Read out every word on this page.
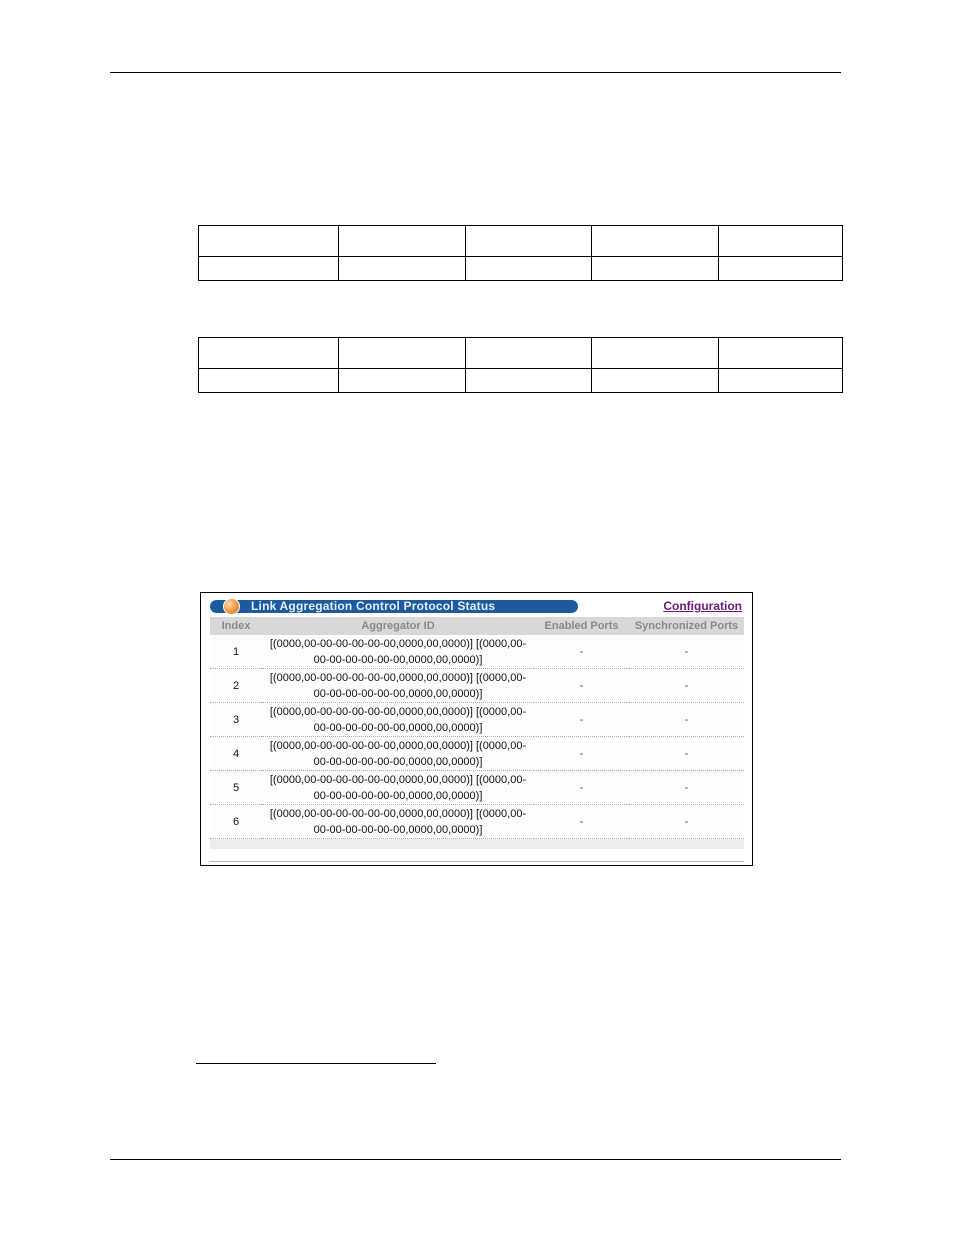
Link Aggregation Control Protocol Status	Configuration
Index	Aggregator ID	Enabled Ports	Synchronized Ports
1	[(0000,00-00-00-00-00-00,0000,00,0000)] [(0000,00-
00-00-00-00-00-00,0000,00,0000)]	-	-
2	[(0000,00-00-00-00-00-00,0000,00,0000)] [(0000,00-
00-00-00-00-00-00,0000,00,0000)]	-	-
3	[(0000,00-00-00-00-00-00,0000,00,0000)] [(0000,00-
00-00-00-00-00-00,0000,00,0000)]	-	-
4	[(0000,00-00-00-00-00-00,0000,00,0000)] [(0000,00-
00-00-00-00-00-00,0000,00,0000)]	-	-
5	[(0000,00-00-00-00-00-00,0000,00,0000)] [(0000,00-
00-00-00-00-00-00,0000,00,0000)]	-	-
6	[(0000,00-00-00-00-00-00,0000,00,0000)] [(0000,00-
00-00-00-00-00-00,0000,00,0000)]	-	-
